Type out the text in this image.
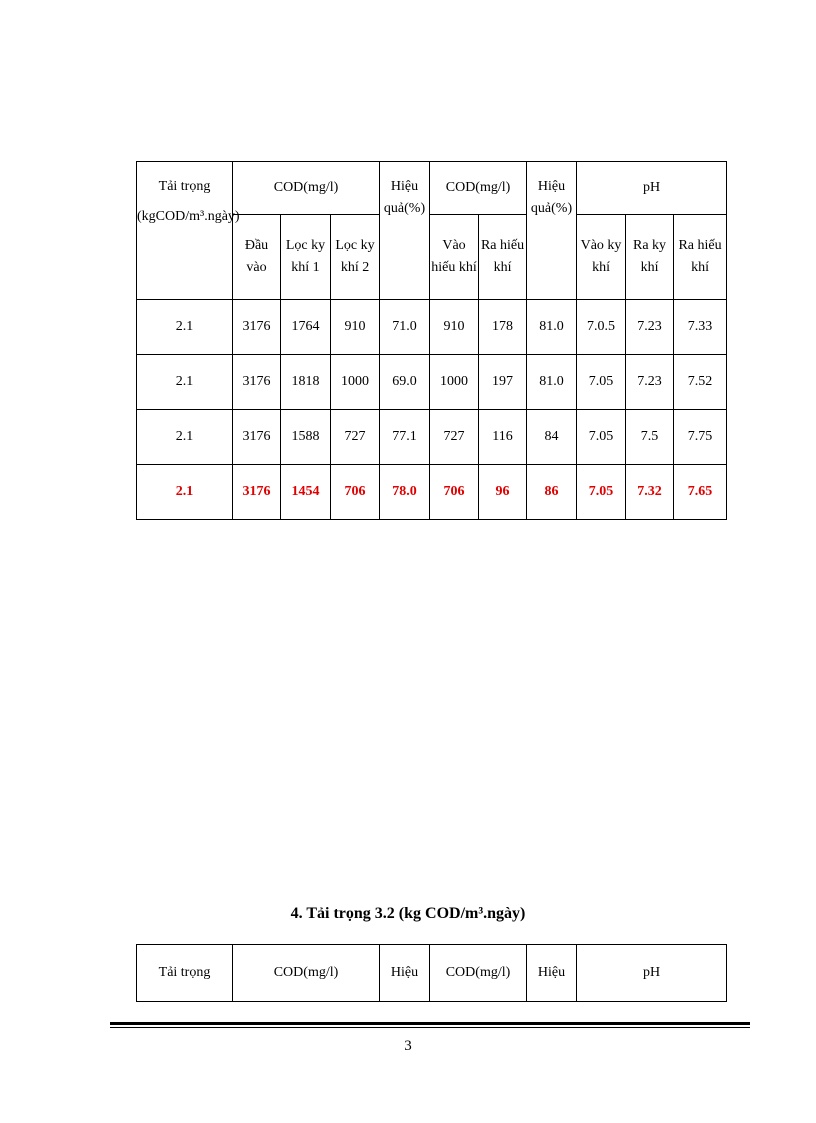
Tải trọng
(kgCOD/m³.ngày)	COD(mg/l)			Hiệu quả(%)	COD(mg/l)		Hiệu quả(%)	pH		
	Đầu vào	Lọc ky khí 1	Lọc ky khí 2		Vào hiếu khí	Ra hiếu khí		Vào ky khí	Ra ky khí	Ra hiếu khí
2.1	3176	1764	910	71.0	910	178	81.0	7.0.5	7.23	7.33
2.1	3176	1818	1000	69.0	1000	197	81.0	7.05	7.23	7.52
2.1	3176	1588	727	77.1	727	116	84	7.05	7.5	7.75
2.1	3176	1454	706	78.0	706	96	86	7.05	7.32	7.65
4. Tải trọng 3.2 (kg COD/m³.ngày)
Tải trọng	COD(mg/l)	Hiệu	COD(mg/l)	Hiệu	pH
3
